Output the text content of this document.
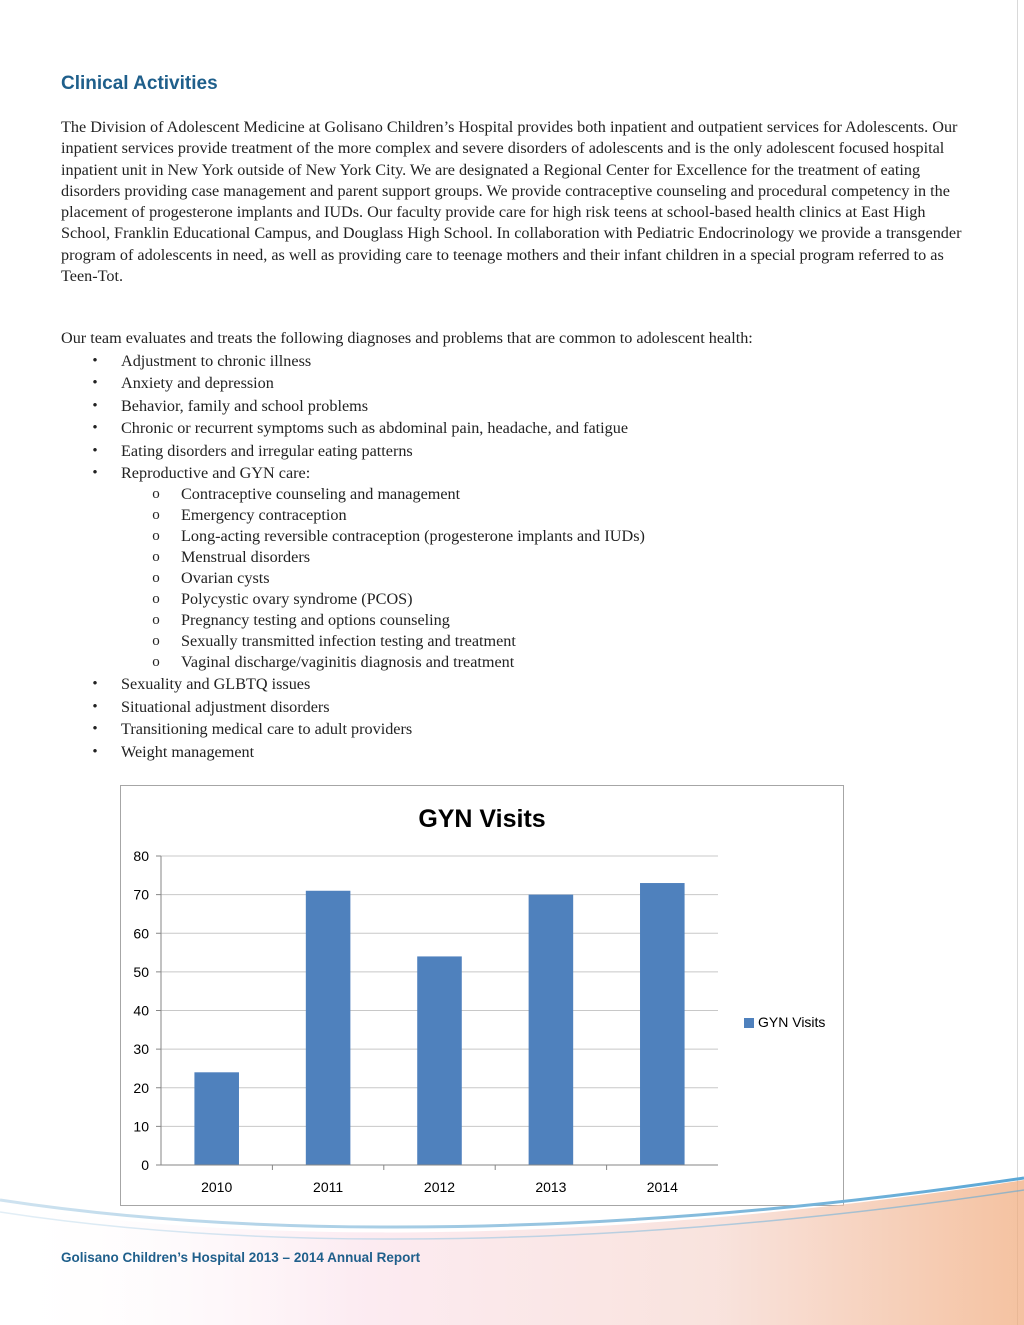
Clinical Activities

The Division of Adolescent Medicine at Golisano Children’s Hospital provides both inpatient and outpatient services for Adolescents. Our inpatient services provide treatment of the more complex and severe disorders of adolescents and is the only adolescent focused hospital inpatient unit in New York outside of New York City. We are designated a Regional Center for Excellence for the treatment of eating disorders providing case management and parent support groups. We provide contraceptive counseling and procedural competency in the placement of progesterone implants and IUDs. Our faculty provide care for high risk teens at school-based health clinics at East High School, Franklin Educational Campus, and Douglass High School. In collaboration with Pediatric Endocrinology we provide a transgender program of adolescents in need, as well as providing care to teenage mothers and their infant children in a special program referred to as Teen-Tot.

Our team evaluates and treats the following diagnoses and problems that are common to adolescent health:

• Adjustment to chronic illness
• Anxiety and depression
• Behavior, family and school problems
• Chronic or recurrent symptoms such as abdominal pain, headache, and fatigue
• Eating disorders and irregular eating patterns
• Reproductive and GYN care:
o Contraceptive counseling and management
o Emergency contraception
o Long-acting reversible contraception (progesterone implants and IUDs)
o Menstrual disorders
o Ovarian cysts
o Polycystic ovary syndrome (PCOS)
o Pregnancy testing and options counseling
o Sexually transmitted infection testing and treatment
o Vaginal discharge/vaginitis diagnosis and treatment
• Sexuality and GLBTQ issues
• Situational adjustment disorders
• Transitioning medical care to adult providers
• Weight management
GYN Visits
0
10
20
30
40
50
60
70
80
2010	2011	2012	2013	2014
GYN Visits

Golisano Children’s Hospital 2013 – 2014 Annual Report
